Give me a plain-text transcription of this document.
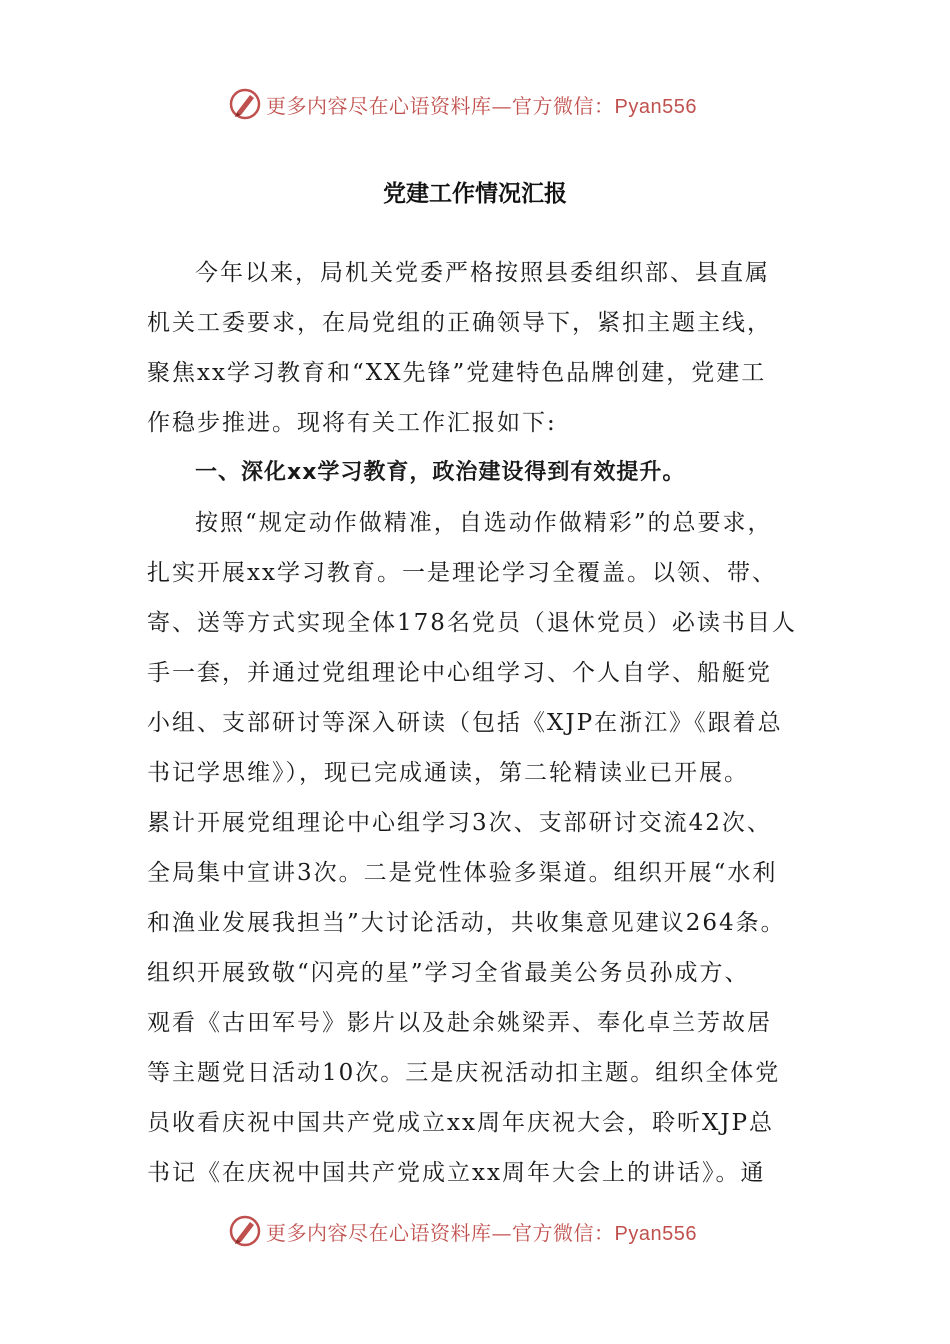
更多内容尽在心语资料库—官方微信：Pyan556
党建工作情况汇报
今年以来，局机关党委严格按照县委组织部、县直属
机关工委要求，在局党组的正确领导下，紧扣主题主线，
聚焦xx学习教育和“XX先锋”党建特色品牌创建，党建工
作稳步推进。现将有关工作汇报如下:
一、深化xx学习教育，政治建设得到有效提升。
按照“规定动作做精准，自选动作做精彩”的总要求，
扎实开展xx学习教育。一是理论学习全覆盖。以领、带、
寄、送等方式实现全体178名党员（退休党员）必读书目人
手一套，并通过党组理论中心组学习、个人自学、船艇党
小组、支部研讨等深入研读（包括《XJP在浙江》《跟着总
书记学思维》），现已完成通读，第二轮精读业已开展。
累计开展党组理论中心组学习3次、支部研讨交流42次、
全局集中宣讲3次。二是党性体验多渠道。组织开展“水利
和渔业发展我担当”大讨论活动，共收集意见建议264条。
组织开展致敬“闪亮的星”学习全省最美公务员孙成方、
观看《古田军号》影片以及赴余姚梁弄、奉化卓兰芳故居
等主题党日活动10次。三是庆祝活动扣主题。组织全体党
员收看庆祝中国共产党成立xx周年庆祝大会，聆听XJP总
书记《在庆祝中国共产党成立xx周年大会上的讲话》。通
更多内容尽在心语资料库—官方微信：Pyan556
